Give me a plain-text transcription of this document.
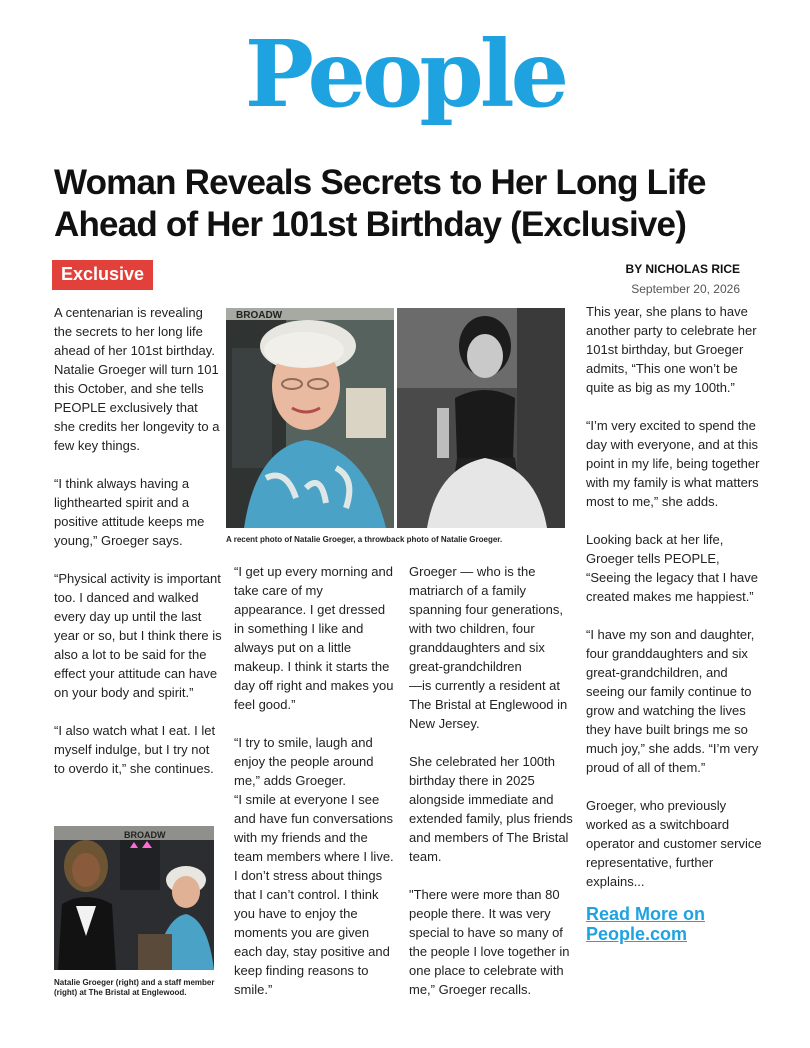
People
Woman Reveals Secrets to Her Long Life Ahead of Her 101st Birthday (Exclusive)
Exclusive	BY NICHOLAS RICE
September 20, 2026

A centenarian is revealing the secrets to her long life ahead of her 101st birthday. Natalie Groeger will turn 101 this October, and she tells PEOPLE exclusively that she credits her longevity to a few key things.

“I think always having a lighthearted spirit and a positive attitude keeps me young,” Groeger says.

“Physical activity is important too. I danced and walked every day up until the last year or so, but I think there is also a lot to be said for the effect your attitude can have on your body and spirit.”

“I also watch what I eat. I let myself indulge, but I try not to overdo it,” she continues.

BROADW
A recent photo of Natalie Groeger, a throwback photo of Natalie Groeger.

“I get up every morning and take care of my appearance. I get dressed in something I like and always put on a little makeup. I think it starts the day off right and makes you feel good.”

“I try to smile, laugh and enjoy the people around me,” adds Groeger.
“I smile at everyone I see and have fun conversations with my friends and the team members where I live. I don’t stress about things that I can’t control. I think you have to enjoy the moments you are given each day, stay positive and keep finding reasons to smile.”

Groeger — who is the matriarch of a family spanning four generations, with two children, four granddaughters and six great-grandchildren
—is currently a resident at The Bristal at Englewood in New Jersey.

She celebrated her 100th birthday there in 2025 alongside immediate and extended family, plus friends and members of The Bristal team.

"There were more than 80 people there. It was very special to have so many of the people I love together in one place to celebrate with me,” Groeger recalls.

This year, she plans to have another party to celebrate her 101st birthday, but Groeger admits, “This one won’t be quite as big as my 100th.”

“I’m very excited to spend the day with everyone, and at this point in my life, being together with my family is what matters most to me,” she adds.

Looking back at her life, Groeger tells PEOPLE, “Seeing the legacy that I have created makes me happiest.”

“I have my son and daughter, four granddaughters and six great-grandchildren, and seeing our family continue to grow and watching the lives they have built brings me so much joy,” she adds. “I’m very proud of all of them.”

Groeger, who previously worked as a switchboard operator and customer service representative, further explains...

Read More on
People.com
BROADW
Natalie Groeger (right) and a staff member (right) at The Bristal at Englewood.
